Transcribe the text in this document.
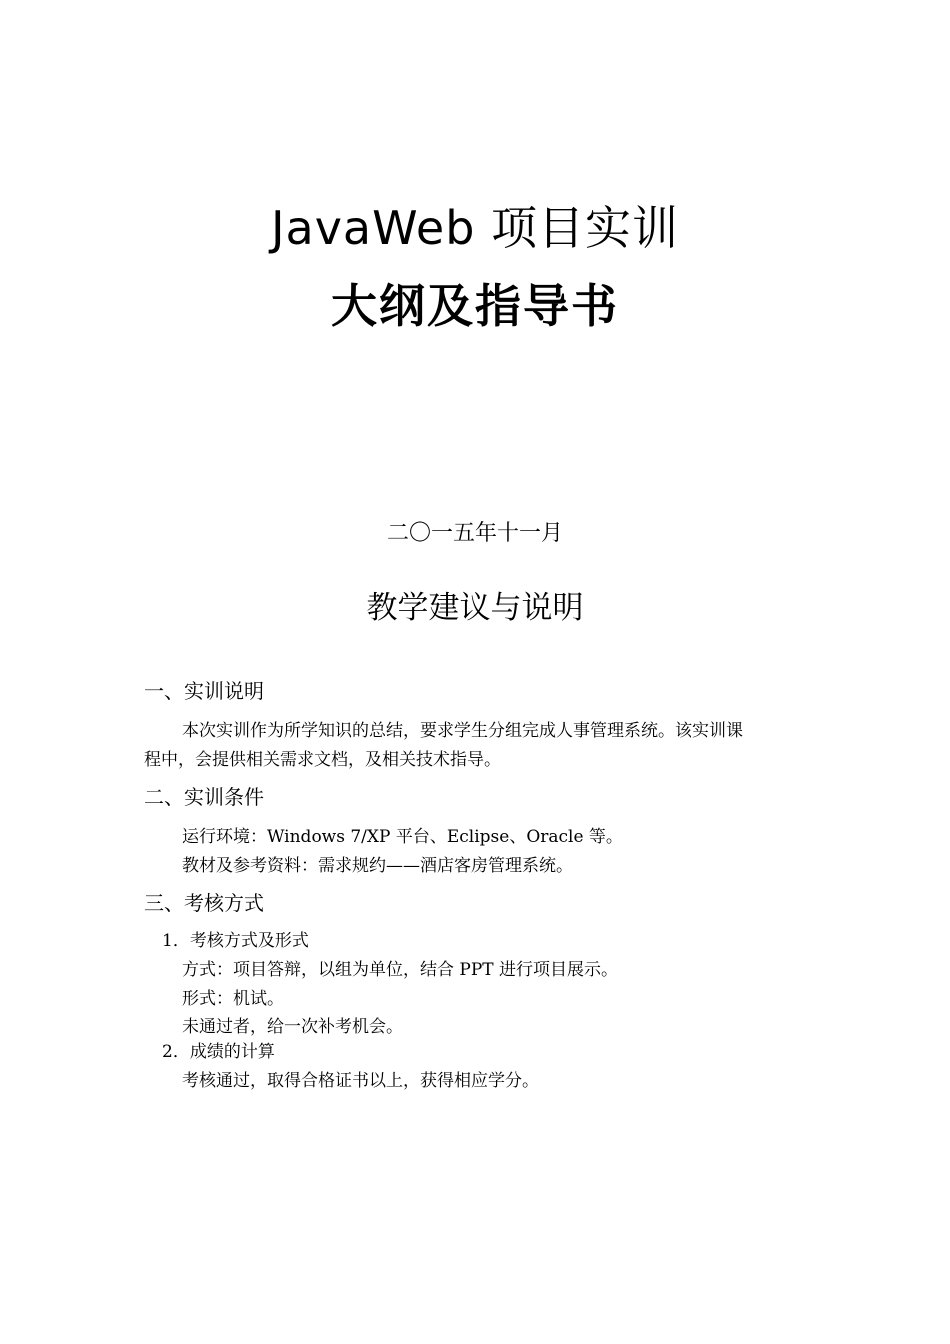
JavaWeb 项目实训
大纲及指导书
二〇一五年十一月
教学建议与说明
一、实训说明
本次实训作为所学知识的总结，要求学生分组完成人事管理系统。该实训课
程中，会提供相关需求文档，及相关技术指导。
二、实训条件
运行环境：Windows 7/XP 平台、Eclipse、Oracle 等。
教材及参考资料：需求规约——酒店客房管理系统。
三、考核方式
1．考核方式及形式
方式：项目答辩，以组为单位，结合 PPT 进行项目展示。
形式：机试。
未通过者，给一次补考机会。
2．成绩的计算
考核通过，取得合格证书以上，获得相应学分。
